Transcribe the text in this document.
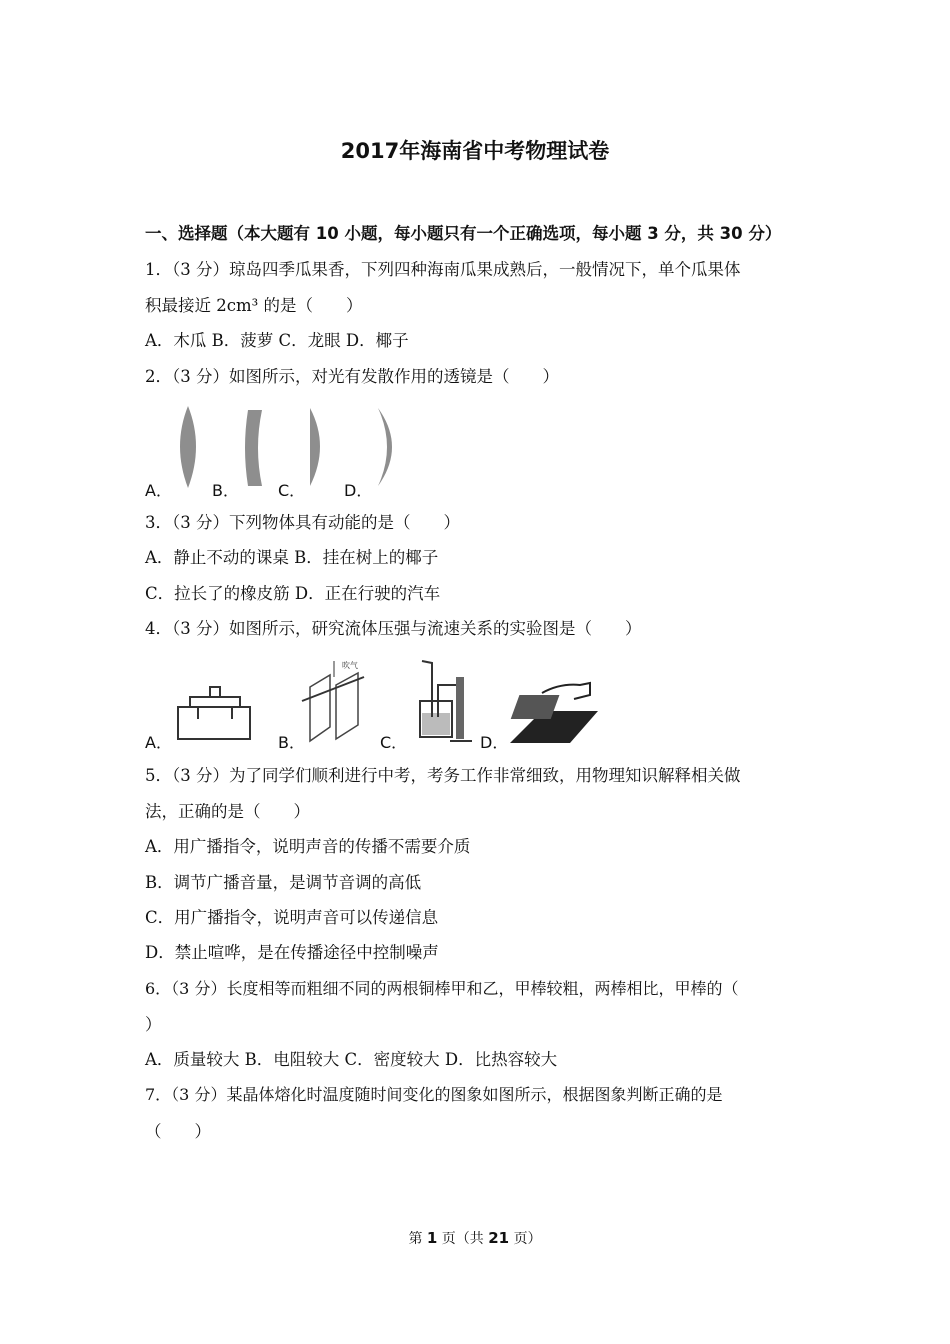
2017年海南省中考物理试卷
一、选择题（本大题有 10 小题，每小题只有一个正确选项，每小题 3 分，共 30 分）
1．（3 分）琼岛四季瓜果香，下列四种海南瓜果成熟后，一般情况下，单个瓜果体
积最接近 2cm³ 的是（　　）
A．木瓜 B．菠萝 C．龙眼 D．椰子
2．（3 分）如图所示，对光有发散作用的透镜是（　　）
A．	B． C． D．
3．（3 分）下列物体具有动能的是（　　）
A．静止不动的课桌 B．挂在树上的椰子
C．拉长了的橡皮筋 D．正在行驶的汽车
4．（3 分）如图所示，研究流体压强与流速关系的实验图是（　　）
吹气
A．	B．	C．	D．
5．（3 分）为了同学们顺利进行中考，考务工作非常细致，用物理知识解释相关做
法，正确的是（　　）
A．用广播指令，说明声音的传播不需要介质
B．调节广播音量，是调节音调的高低
C．用广播指令，说明声音可以传递信息
D．禁止喧哗，是在传播途径中控制噪声
6．（3 分）长度相等而粗细不同的两根铜棒甲和乙，甲棒较粗，两棒相比，甲棒的（
）
A．质量较大 B．电阻较大 C．密度较大 D．比热容较大
7．（3 分）某晶体熔化时温度随时间变化的图象如图所示，根据图象判断正确的是
（　　）
第 1 页（共 21 页）
